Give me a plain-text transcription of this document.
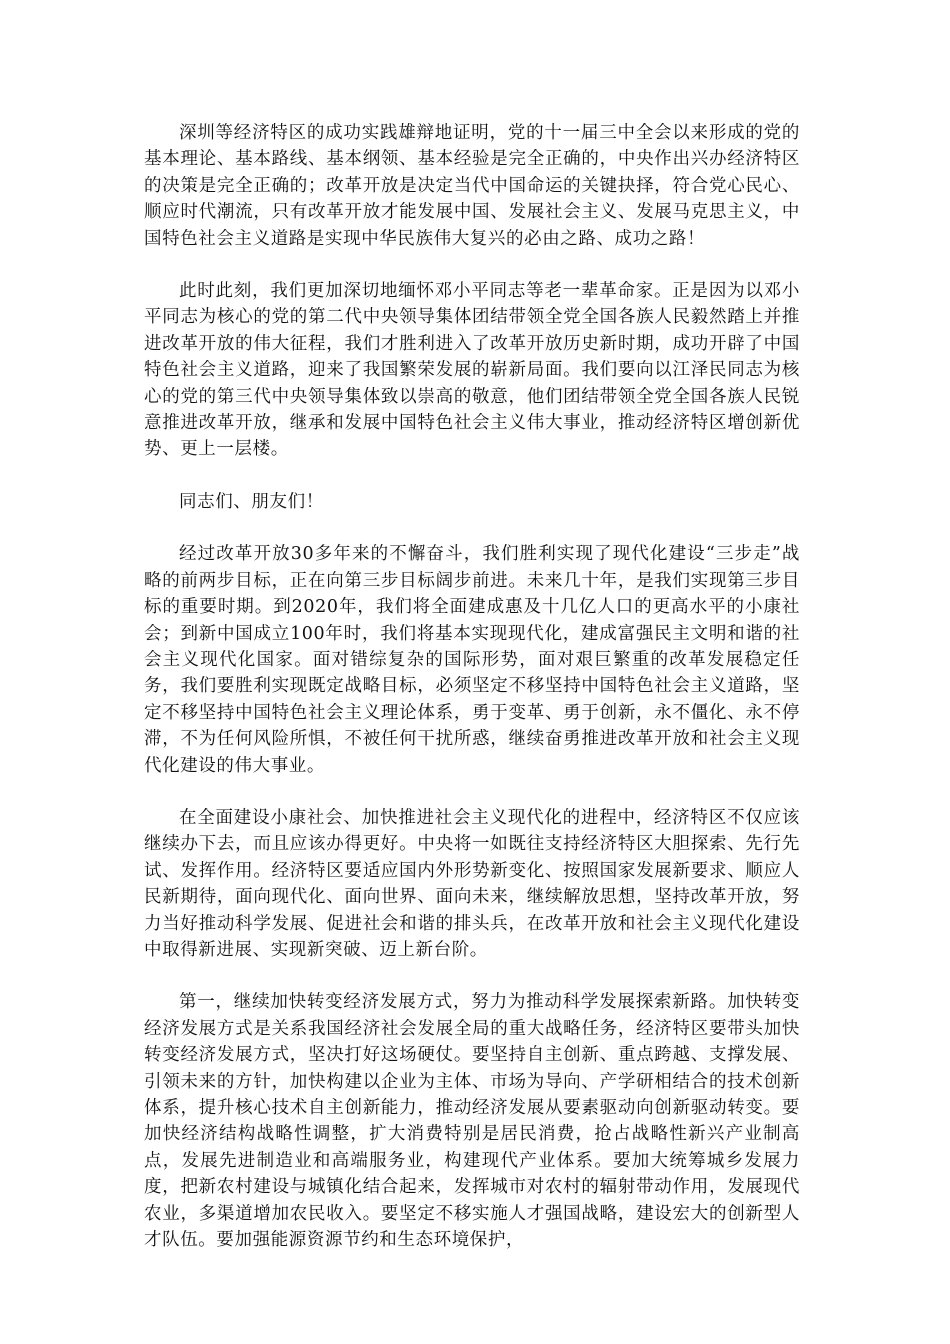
深圳等经济特区的成功实践雄辩地证明，党的十一届三中全会以来形成的党的基本理论、基本路线、基本纲领、基本经验是完全正确的，中央作出兴办经济特区的决策是完全正确的；改革开放是决定当代中国命运的关键抉择，符合党心民心、顺应时代潮流，只有改革开放才能发展中国、发展社会主义、发展马克思主义，中国特色社会主义道路是实现中华民族伟大复兴的必由之路、成功之路！

此时此刻，我们更加深切地缅怀邓小平同志等老一辈革命家。正是因为以邓小平同志为核心的党的第二代中央领导集体团结带领全党全国各族人民毅然踏上并推进改革开放的伟大征程，我们才胜利进入了改革开放历史新时期，成功开辟了中国特色社会主义道路，迎来了我国繁荣发展的崭新局面。我们要向以江泽民同志为核心的党的第三代中央领导集体致以崇高的敬意，他们团结带领全党全国各族人民锐意推进改革开放，继承和发展中国特色社会主义伟大事业，推动经济特区增创新优势、更上一层楼。

同志们、朋友们！

经过改革开放30多年来的不懈奋斗，我们胜利实现了现代化建设“三步走”战略的前两步目标，正在向第三步目标阔步前进。未来几十年，是我们实现第三步目标的重要时期。到2020年，我们将全面建成惠及十几亿人口的更高水平的小康社会；到新中国成立100年时，我们将基本实现现代化，建成富强民主文明和谐的社会主义现代化国家。面对错综复杂的国际形势，面对艰巨繁重的改革发展稳定任务，我们要胜利实现既定战略目标，必须坚定不移坚持中国特色社会主义道路，坚定不移坚持中国特色社会主义理论体系，勇于变革、勇于创新，永不僵化、永不停滞，不为任何风险所惧，不被任何干扰所惑，继续奋勇推进改革开放和社会主义现代化建设的伟大事业。

在全面建设小康社会、加快推进社会主义现代化的进程中，经济特区不仅应该继续办下去，而且应该办得更好。中央将一如既往支持经济特区大胆探索、先行先试、发挥作用。经济特区要适应国内外形势新变化、按照国家发展新要求、顺应人民新期待，面向现代化、面向世界、面向未来，继续解放思想，坚持改革开放，努力当好推动科学发展、促进社会和谐的排头兵，在改革开放和社会主义现代化建设中取得新进展、实现新突破、迈上新台阶。

第一，继续加快转变经济发展方式，努力为推动科学发展探索新路。加快转变经济发展方式是关系我国经济社会发展全局的重大战略任务，经济特区要带头加快转变经济发展方式，坚决打好这场硬仗。要坚持自主创新、重点跨越、支撑发展、引领未来的方针，加快构建以企业为主体、市场为导向、产学研相结合的技术创新体系，提升核心技术自主创新能力，推动经济发展从要素驱动向创新驱动转变。要加快经济结构战略性调整，扩大消费特别是居民消费，抢占战略性新兴产业制高点，发展先进制造业和高端服务业，构建现代产业体系。要加大统筹城乡发展力度，把新农村建设与城镇化结合起来，发挥城市对农村的辐射带动作用，发展现代农业，多渠道增加农民收入。要坚定不移实施人才强国战略，建设宏大的创新型人才队伍。要加强能源资源节约和生态环境保护，
